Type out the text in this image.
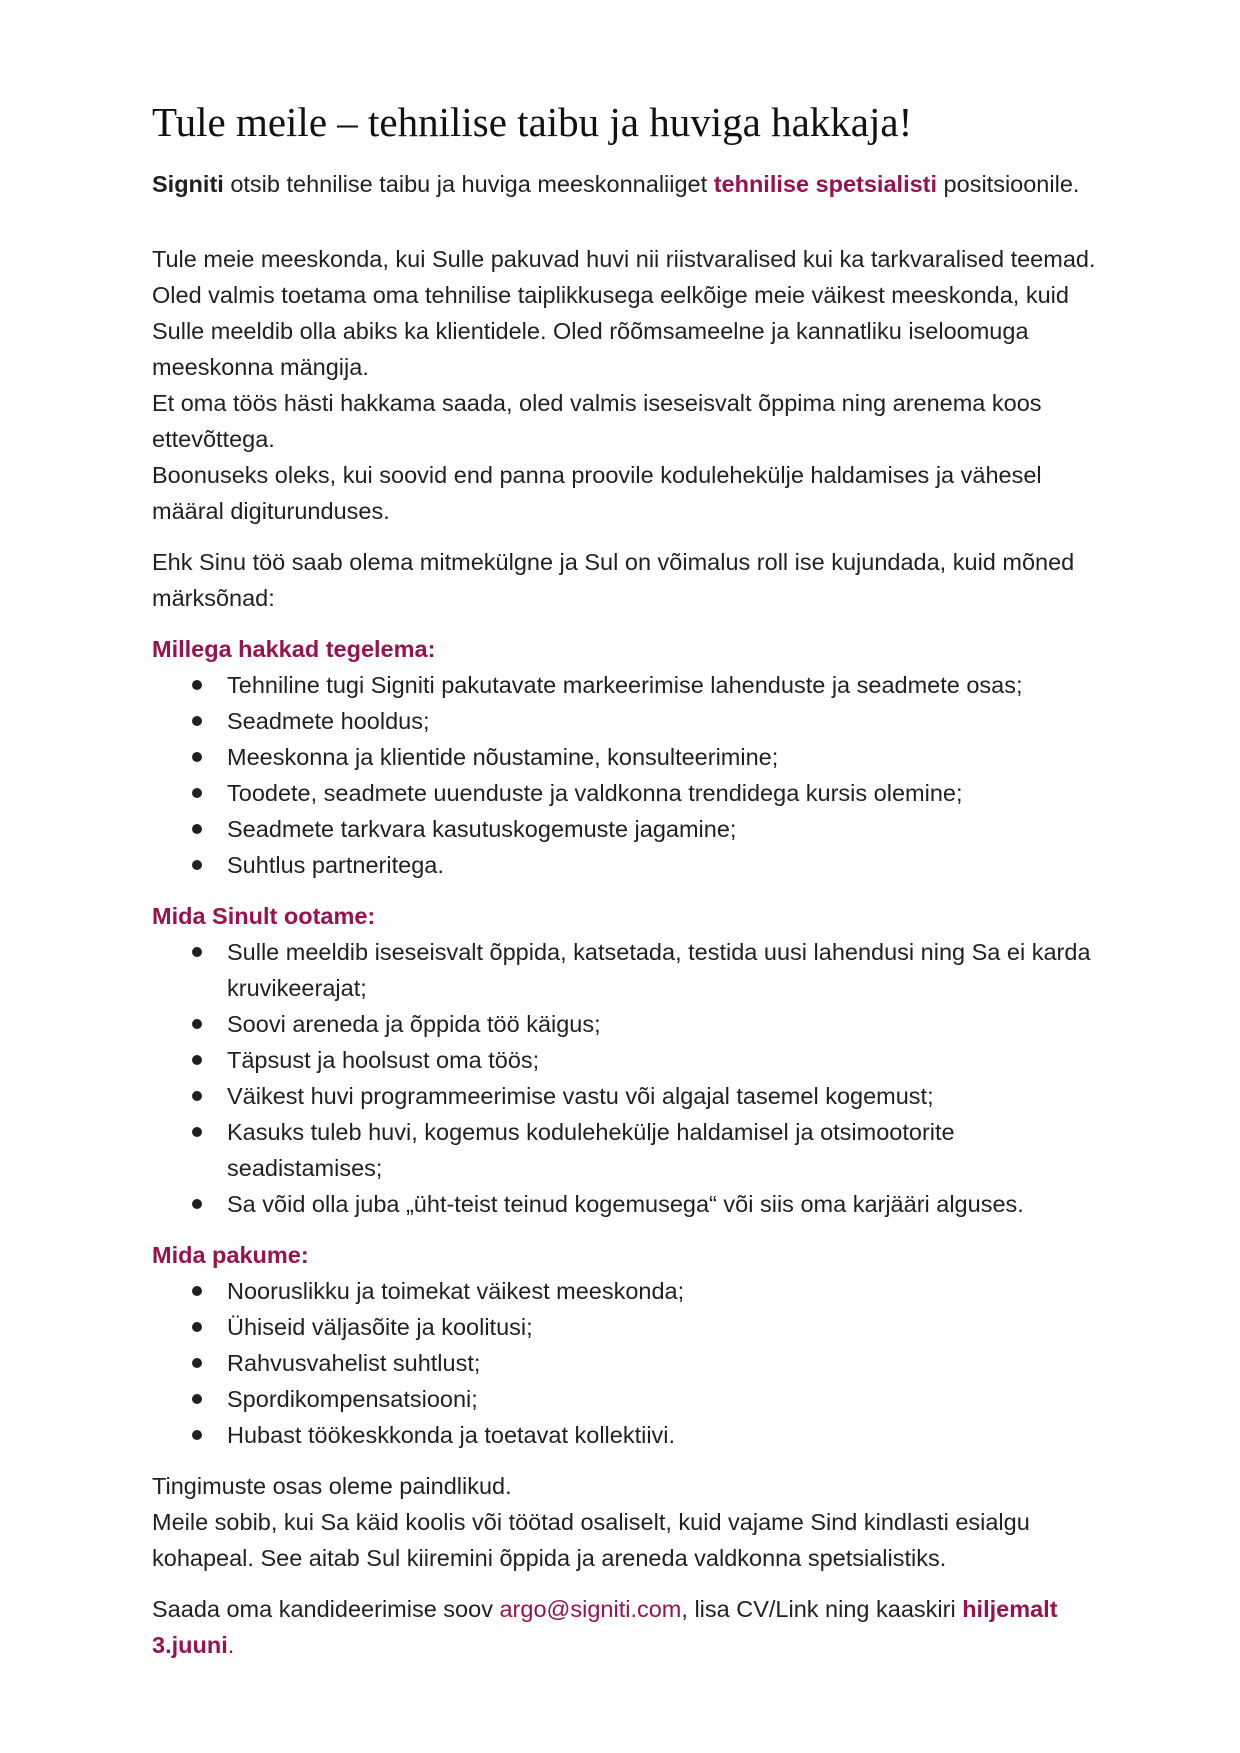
Tule meile – tehnilise taibu ja huviga hakkaja!

Signiti otsib tehnilise taibu ja huviga meeskonnaliiget tehnilise spetsialisti positsioonile.

Tule meie meeskonda, kui Sulle pakuvad huvi nii riistvaralised kui ka tarkvaralised teemad. Oled valmis toetama oma tehnilise taiplikkusega eelkõige meie väikest meeskonda, kuid Sulle meeldib olla abiks ka klientidele. Oled rõõmsameelne ja kannatliku iseloomuga meeskonna mängija.

Et oma töös hästi hakkama saada, oled valmis iseseisvalt õppima ning arenema koos ettevõttega.

Boonuseks oleks, kui soovid end panna proovile kodulehekülje haldamises ja vähesel määral digiturunduses.

Ehk Sinu töö saab olema mitmekülgne ja Sul on võimalus roll ise kujundada, kuid mõned märksõnad:

Millega hakkad tegelema:
Tehniline tugi Signiti pakutavate markeerimise lahenduste ja seadmete osas;
Seadmete hooldus;
Meeskonna ja klientide nõustamine, konsulteerimine;
Toodete, seadmete uuenduste ja valdkonna trendidega kursis olemine;
Seadmete tarkvara kasutuskogemuste jagamine;
Suhtlus partneritega.
Mida Sinult ootame:
Sulle meeldib iseseisvalt õppida, katsetada, testida uusi lahendusi ning Sa ei karda kruvikeerajat;
Soovi areneda ja õppida töö käigus;
Täpsust ja hoolsust oma töös;
Väikest huvi programmeerimise vastu või algajal tasemel kogemust;
Kasuks tuleb huvi, kogemus kodulehekülje haldamisel ja otsimootorite seadistamises;
Sa võid olla juba „üht-teist teinud kogemusega“ või siis oma karjääri alguses.
Mida pakume:
Nooruslikku ja toimekat väikest meeskonda;
Ühiseid väljasõite ja koolitusi;
Rahvusvahelist suhtlust;
Spordikompensatsiooni;
Hubast töökeskkonda ja toetavat kollektiivi.

Tingimuste osas oleme paindlikud.

Meile sobib, kui Sa käid koolis või töötad osaliselt, kuid vajame Sind kindlasti esialgu kohapeal. See aitab Sul kiiremini õppida ja areneda valdkonna spetsialistiks.

Saada oma kandideerimise soov argo@signiti.com, lisa CV/Link ning kaaskiri hiljemalt 3.juuni.
